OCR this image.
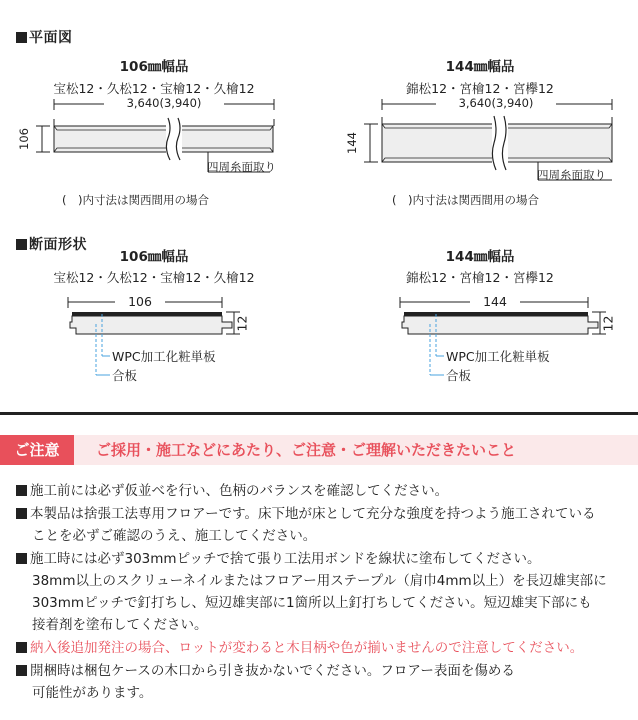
平面図
106㎜幅品
宝松12・久松12・宝檜12・久檜12
144㎜幅品
錦松12・宮檜12・宮欅12
3,640(3,940)
106
四周糸面取り
(　)内寸法は関西間用の場合
3,640(3,940)
144
四周糸面取り
(　)内寸法は関西間用の場合
断面形状
106㎜幅品
宝松12・久松12・宝檜12・久檜12
144㎜幅品
錦松12・宮檜12・宮欅12
106
12
WPC加工化粧単板
合板
144
12
WPC加工化粧単板
合板
ご注意	ご採用・施工などにあたり、ご注意・ご理解いただきたいこと
施工前には必ず仮並べを行い、色柄のバランスを確認してください。
本製品は捨張工法専用フロアーです。床下地が床として充分な強度を持つよう施工されている
ことを必ずご確認のうえ、施工してください。
施工時には必ず303mmピッチで捨て張り工法用ボンドを線状に塗布してください。
38mm以上のスクリューネイルまたはフロアー用ステープル（肩巾4mm以上）を長辺雄実部に
303mmピッチで釘打ちし、短辺雄実部に1箇所以上釘打ちしてください。短辺雄実下部にも
接着剤を塗布してください。
納入後追加発注の場合、ロットが変わると木目柄や色が揃いませんので注意してください。
開梱時は梱包ケースの木口から引き抜かないでください。フロアー表面を傷める
可能性があります。
